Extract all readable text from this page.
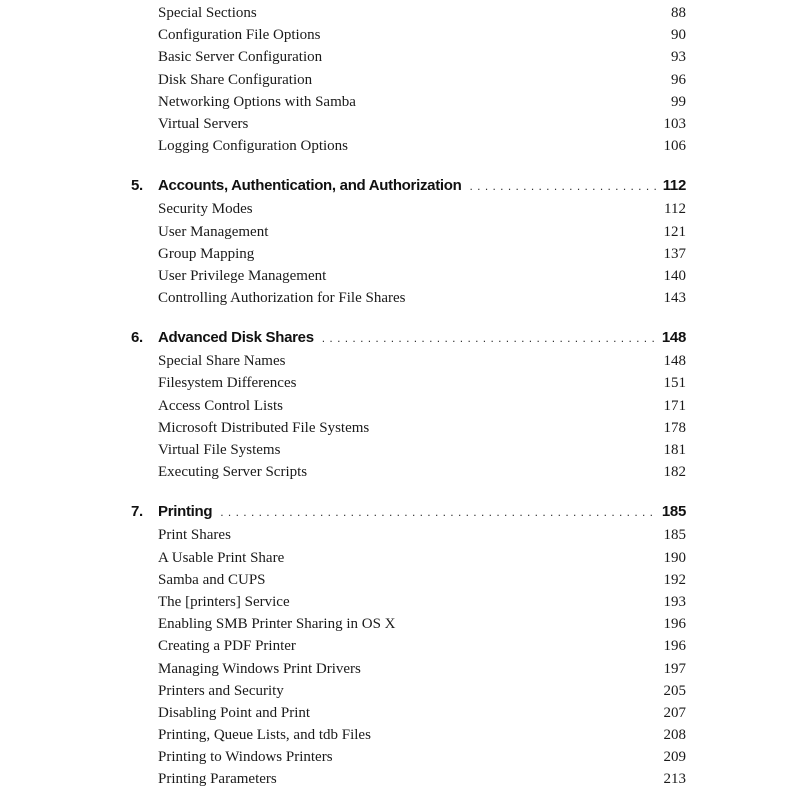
Special Sections	88
Configuration File Options	90
Basic Server Configuration	93
Disk Share Configuration	96
Networking Options with Samba	99
Virtual Servers	103
Logging Configuration Options	106
5. Accounts, Authentication, and Authorization . . .	112
Security Modes	112
User Management	121
Group Mapping	137
User Privilege Management	140
Controlling Authorization for File Shares	143
6. Advanced Disk Shares . . .	148
Special Share Names	148
Filesystem Differences	151
Access Control Lists	171
Microsoft Distributed File Systems	178
Virtual File Systems	181
Executing Server Scripts	182
7. Printing . . .	185
Print Shares	185
A Usable Print Share	190
Samba and CUPS	192
The [printers] Service	193
Enabling SMB Printer Sharing in OS X	196
Creating a PDF Printer	196
Managing Windows Print Drivers	197
Printers and Security	205
Disabling Point and Print	207
Printing, Queue Lists, and tdb Files	208
Printing to Windows Printers	209
Printing Parameters	213
